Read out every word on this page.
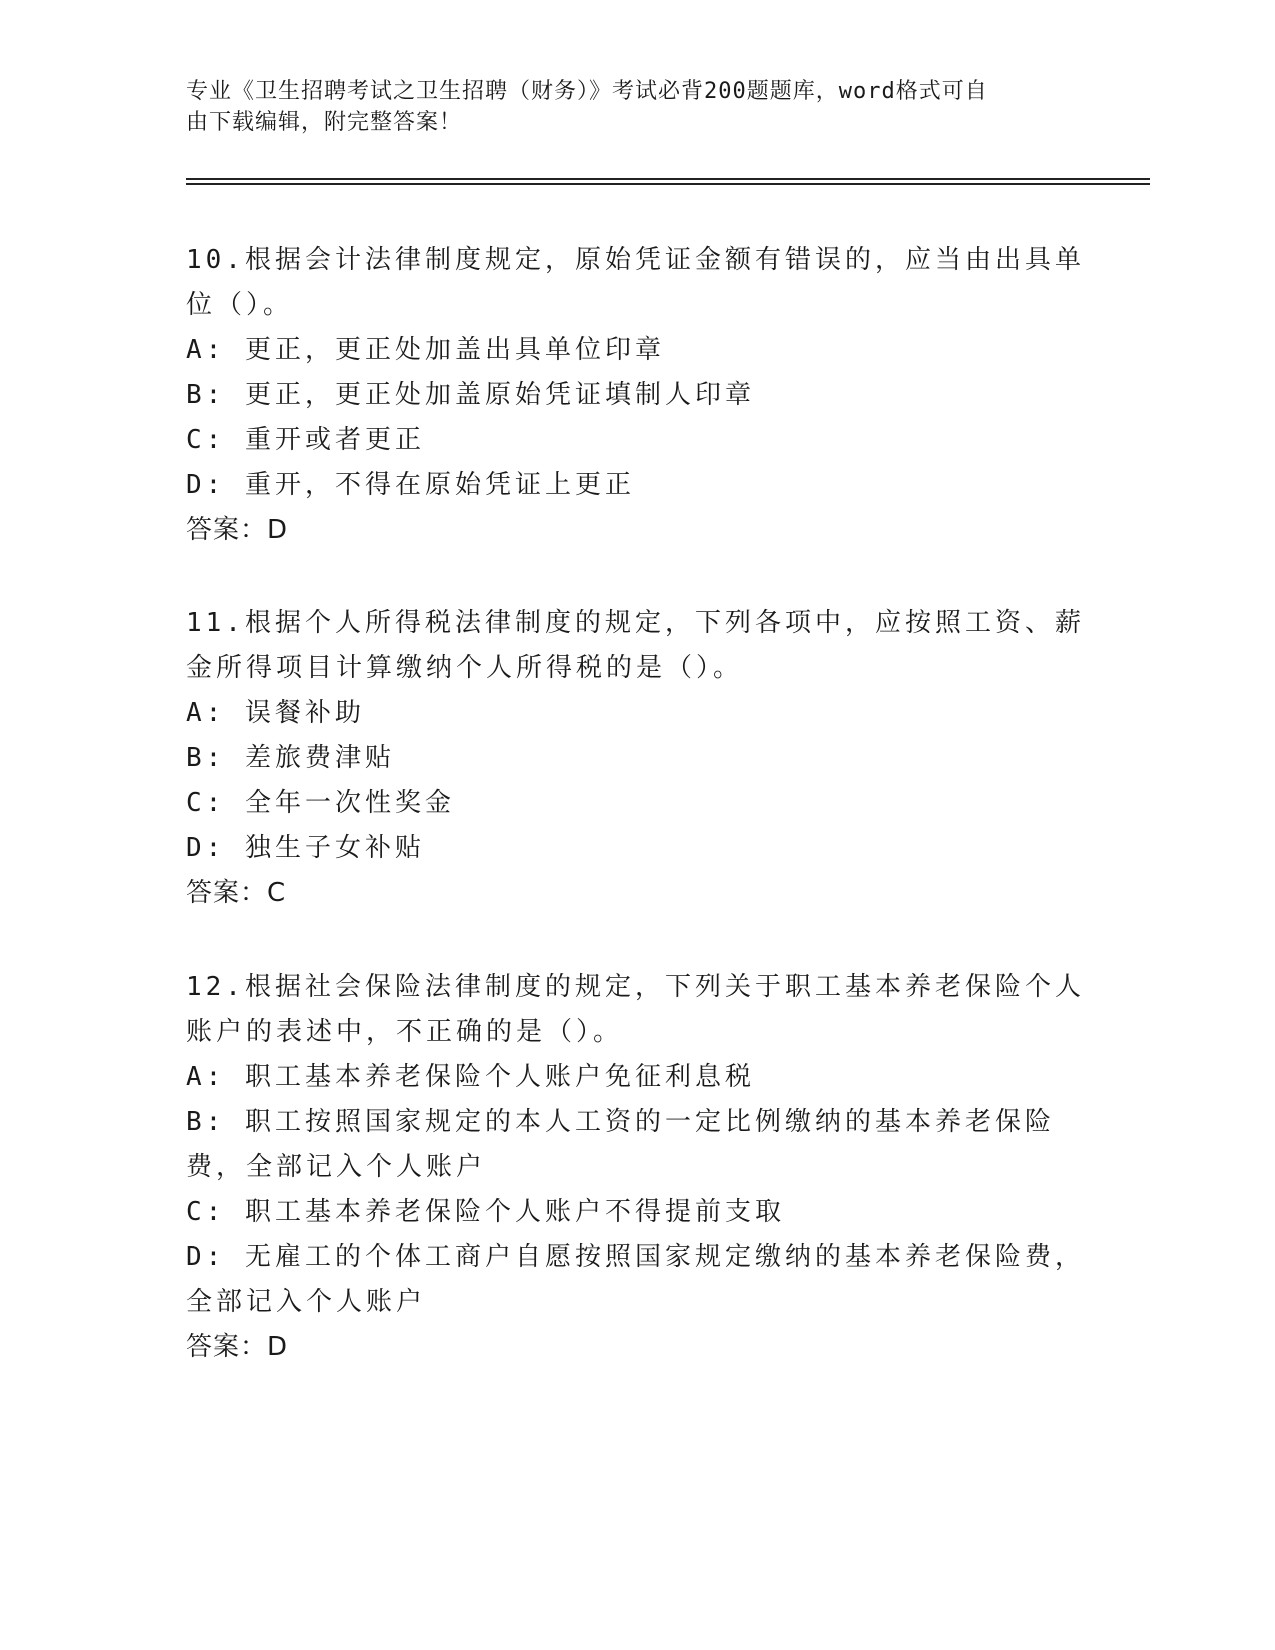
专业《卫生招聘考试之卫生招聘（财务）》考试必背200题题库，word格式可自
由下载编辑，附完整答案！
10.根据会计法律制度规定，原始凭证金额有错误的，应当由出具单位（）。
A: 更正，更正处加盖出具单位印章
B: 更正，更正处加盖原始凭证填制人印章
C: 重开或者更正
D: 重开，不得在原始凭证上更正
答案：D
11.根据个人所得税法律制度的规定，下列各项中，应按照工资、薪金所得项目计算缴纳个人所得税的是（）。
A: 误餐补助
B: 差旅费津贴
C: 全年一次性奖金
D: 独生子女补贴
答案：C
12.根据社会保险法律制度的规定，下列关于职工基本养老保险个人账户的表述中，不正确的是（）。
A: 职工基本养老保险个人账户免征利息税
B: 职工按照国家规定的本人工资的一定比例缴纳的基本养老保险费，全部记入个人账户
C: 职工基本养老保险个人账户不得提前支取
D: 无雇工的个体工商户自愿按照国家规定缴纳的基本养老保险费，全部记入个人账户
答案：D
